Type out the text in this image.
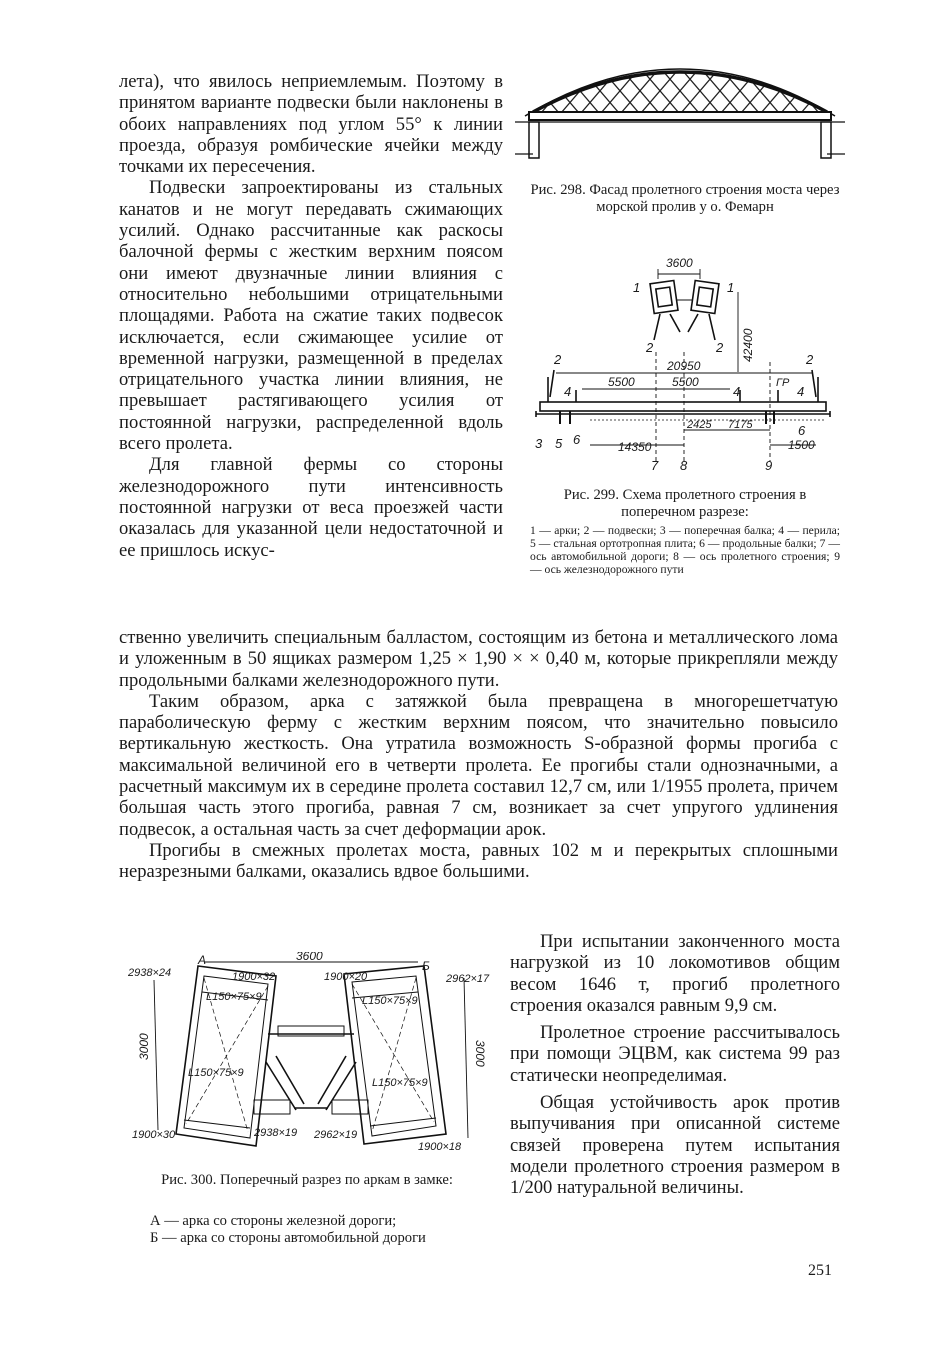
лета), что явилось неприемлемым. Поэтому в принятом варианте подвески были наклонены в обоих направлениях под углом 55° к линии проезда, образуя ромбические ячейки между точками их пересечения.

Подвески запроектированы из стальных канатов и не могут передавать сжимающих усилий. Однако рассчитанные как раскосы балочной фермы с жестким верхним поясом они имеют двузначные линии влияния с относительно небольшими отрицательными площадями. Работа на сжатие таких подвесок исключается, если сжимающее усилие от временной нагрузки, размещенной в пределах отрицательного участка линии влияния, не превышает растягивающего усилия от постоянной нагрузки, распределенной вдоль всего пролета.

Для главной фермы со стороны железнодорожного пути интенсивность постоянной нагрузки от веса проезжей части оказалась для указанной цели недостаточной и ее пришлось искус-

Рис. 298. Фасад пролетного строения моста через морской пролив у о. Фемарн
3600
42400
20950
5500	5500
2425 7175
14350	1500
ГР
1	1
2	2
2	2
4	4	4
3 5 6
6
7 8	9
Рис. 299. Схема пролетного строения в поперечном разрезе:
1 — арки; 2 — подвески; 3 — поперечная балка; 4 — перила; 5 — стальная ортотропная плита; 6 — продольные балки; 7 — ось автомобильной дороги; 8 — ось пролетного строения; 9 — ось железнодорожного пути

ственно увеличить специальным балластом, состоящим из бетона и металлического лома и уложенным в 50 ящиках размером 1,25 × 1,90 × × 0,40 м, которые прикрепляли между продольными балками железнодорожного пути.

Таким образом, арка с затяжкой была превращена в многорешетчатую параболическую ферму с жестким верхним поясом, что значительно повысило вертикальную жесткость. Она утратила возможность S-образной формы прогиба с максимальной величиной его в четверти пролета. Ее прогибы стали однозначными, а расчетный максимум их в середине пролета составил 12,7 см, или 1/1955 пролета, причем большая часть этого прогиба, равная 7 см, возникает за счет упругого удлинения подвесок, а остальная часть за счет деформации арок.

Прогибы в смежных пролетах моста, равных 102 м и перекрытых сплошными неразрезными балками, оказались вдвое большими.

3600
3000	3000
2938×24	1900×32	1900×20	2962×17
1900×30	2938×19 2962×19
1900×18
L150×75×9	L150×75×9
L150×75×9
L150×75×9
А	Б
Рис. 300. Поперечный разрез по аркам в замке:
А — арка со стороны железной дороги;
Б — арка со стороны автомобильной дороги

При испытании законченного моста нагрузкой из 10 локомотивов общим весом 1646 т, прогиб пролетного строения оказался равным 9,9 см.

Пролетное строение рассчитывалось при помощи ЭЦВМ, как система 99 раз статически неопределимая.

Общая устойчивость арок против выпучивания при описанной системе связей проверена путем испытания модели пролетного строения размером в 1/200 натуральной величины.

251
